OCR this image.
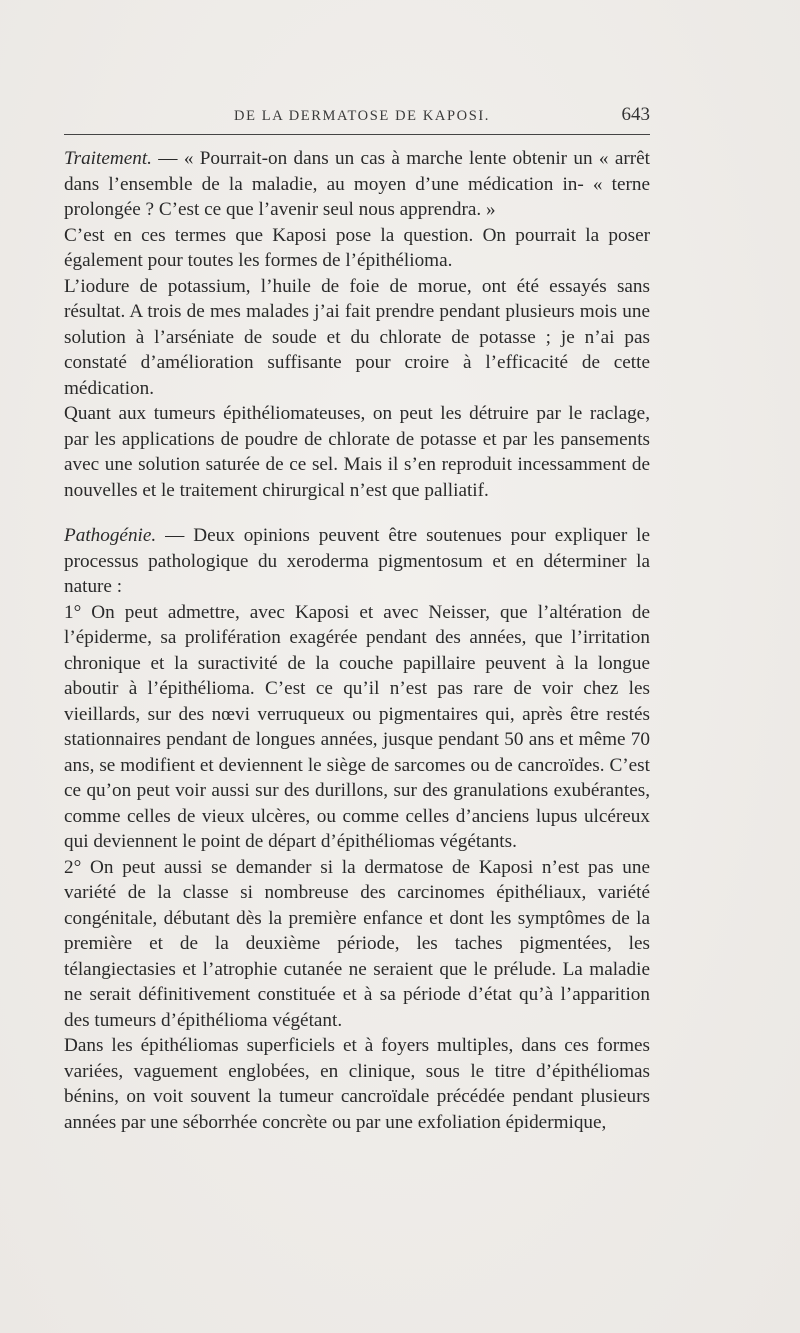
DE LA DERMATOSE DE KAPOSI.	643

Traitement. — « Pourrait-on dans un cas à marche lente obtenir un « arrêt dans l’ensemble de la maladie, au moyen d’une médication in- « terne prolongée ? C’est ce que l’avenir seul nous apprendra. »

C’est en ces termes que Kaposi pose la question. On pourrait la poser également pour toutes les formes de l’épithélioma.

L’iodure de potassium, l’huile de foie de morue, ont été essayés sans résultat. A trois de mes malades j’ai fait prendre pendant plusieurs mois une solution à l’arséniate de soude et du chlorate de potasse ; je n’ai pas constaté d’amélioration suffisante pour croire à l’efficacité de cette médication.

Quant aux tumeurs épithéliomateuses, on peut les détruire par le raclage, par les applications de poudre de chlorate de potasse et par les pansements avec une solution saturée de ce sel. Mais il s’en reproduit incessamment de nouvelles et le traitement chirurgical n’est que palliatif.

Pathogénie. — Deux opinions peuvent être soutenues pour expliquer le processus pathologique du xeroderma pigmentosum et en déterminer la nature :

1° On peut admettre, avec Kaposi et avec Neisser, que l’altération de l’épiderme, sa prolifération exagérée pendant des années, que l’irritation chronique et la suractivité de la couche papillaire peuvent à la longue aboutir à l’épithélioma. C’est ce qu’il n’est pas rare de voir chez les vieillards, sur des nœvi verruqueux ou pigmentaires qui, après être restés stationnaires pendant de longues années, jusque pendant 50 ans et même 70 ans, se modifient et deviennent le siège de sarcomes ou de cancroïdes. C’est ce qu’on peut voir aussi sur des durillons, sur des granulations exubérantes, comme celles de vieux ulcères, ou comme celles d’anciens lupus ulcéreux qui deviennent le point de départ d’épithéliomas végétants.

2° On peut aussi se demander si la dermatose de Kaposi n’est pas une variété de la classe si nombreuse des carcinomes épithéliaux, variété congénitale, débutant dès la première enfance et dont les symptômes de la première et de la deuxième période, les taches pigmentées, les télangiectasies et l’atrophie cutanée ne seraient que le prélude. La maladie ne serait définitivement constituée et à sa période d’état qu’à l’apparition des tumeurs d’épithélioma végétant.

Dans les épithéliomas superficiels et à foyers multiples, dans ces formes variées, vaguement englobées, en clinique, sous le titre d’épithéliomas bénins, on voit souvent la tumeur cancroïdale précédée pendant plusieurs années par une séborrhée concrète ou par une exfoliation épidermique,
